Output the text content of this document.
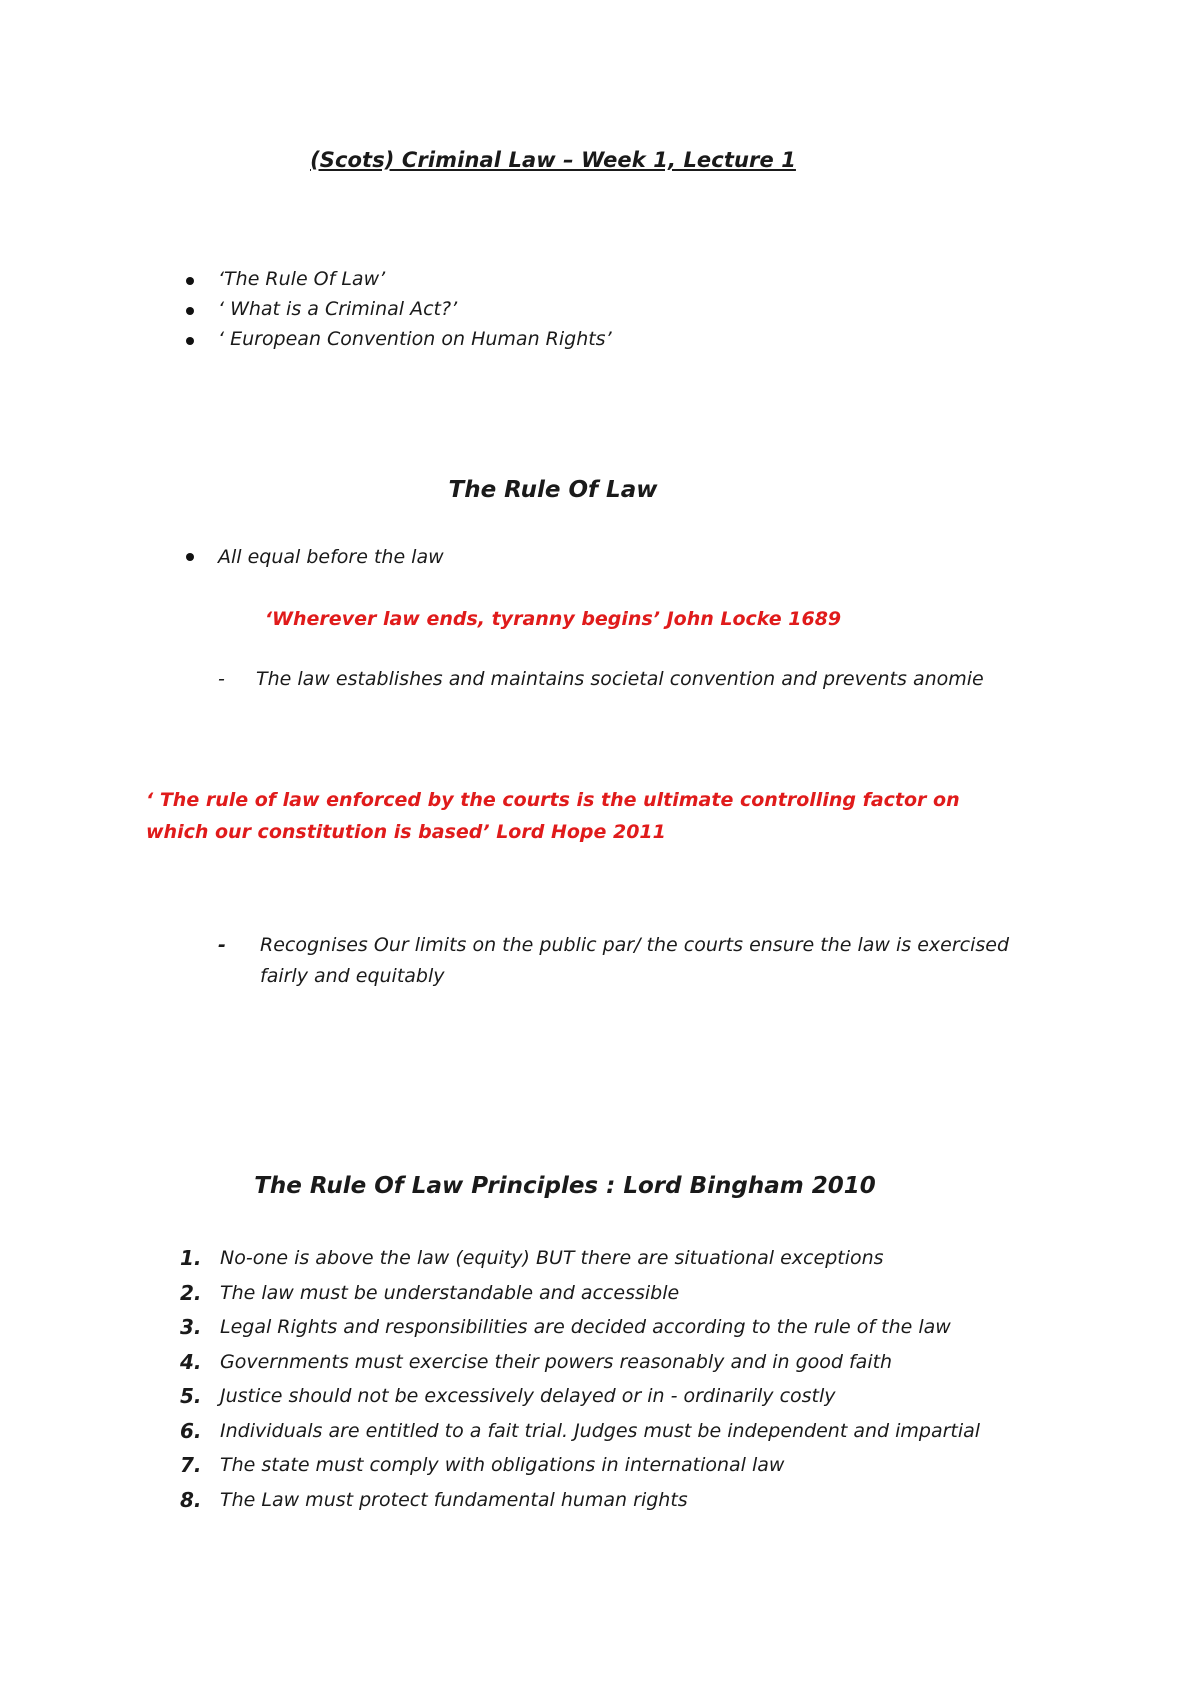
(Scots) Criminal Law – Week 1, Lecture 1
‘The Rule Of Law’
‘ What is a Criminal Act?’
‘ European Convention on Human Rights’
The Rule Of Law
All equal before the law
‘Wherever law ends, tyranny begins’ John Locke 1689
- The law establishes and maintains societal convention and prevents anomie
‘ The rule of law enforced by the courts is the ultimate controlling factor on which our constitution is based’ Lord Hope 2011
-	Recognises Our limits on the public par/ the courts ensure the law is exercised fairly and equitably
The Rule Of Law Principles : Lord Bingham 2010
1. No-one is above the law (equity) BUT there are situational exceptions
2. The law must be understandable and accessible
3. Legal Rights and responsibilities are decided according to the rule of the law
4. Governments must exercise their powers reasonably and in good faith
5. Justice should not be excessively delayed or in - ordinarily costly
6. Individuals are entitled to a fait trial. Judges must be independent and impartial
7. The state must comply with obligations in international law
8. The Law must protect fundamental human rights
